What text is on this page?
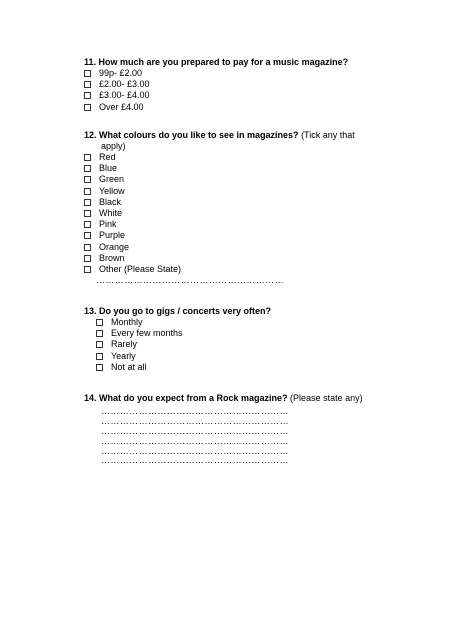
11. How much are you prepared to pay for a music magazine?
99p- £2.00
£2.00- £3.00
£3.00- £4.00
Over £4.00
12. What colours do you like to see in magazines? (Tick any that
apply)
Red
Blue
Green
Yellow
Black
White
Pink
Purple
Orange
Brown
Other (Please State)
……………………………………………………
13. Do you go to gigs / concerts very often?
Monthly
Every few months
Rarely
Yearly
Not at all
14. What do you expect from a Rock magazine? (Please state any)
……………………………………………………
……………………………………………………
……………………………………………………
……………………………………………………
……………………………………………………
……………………………………………………
